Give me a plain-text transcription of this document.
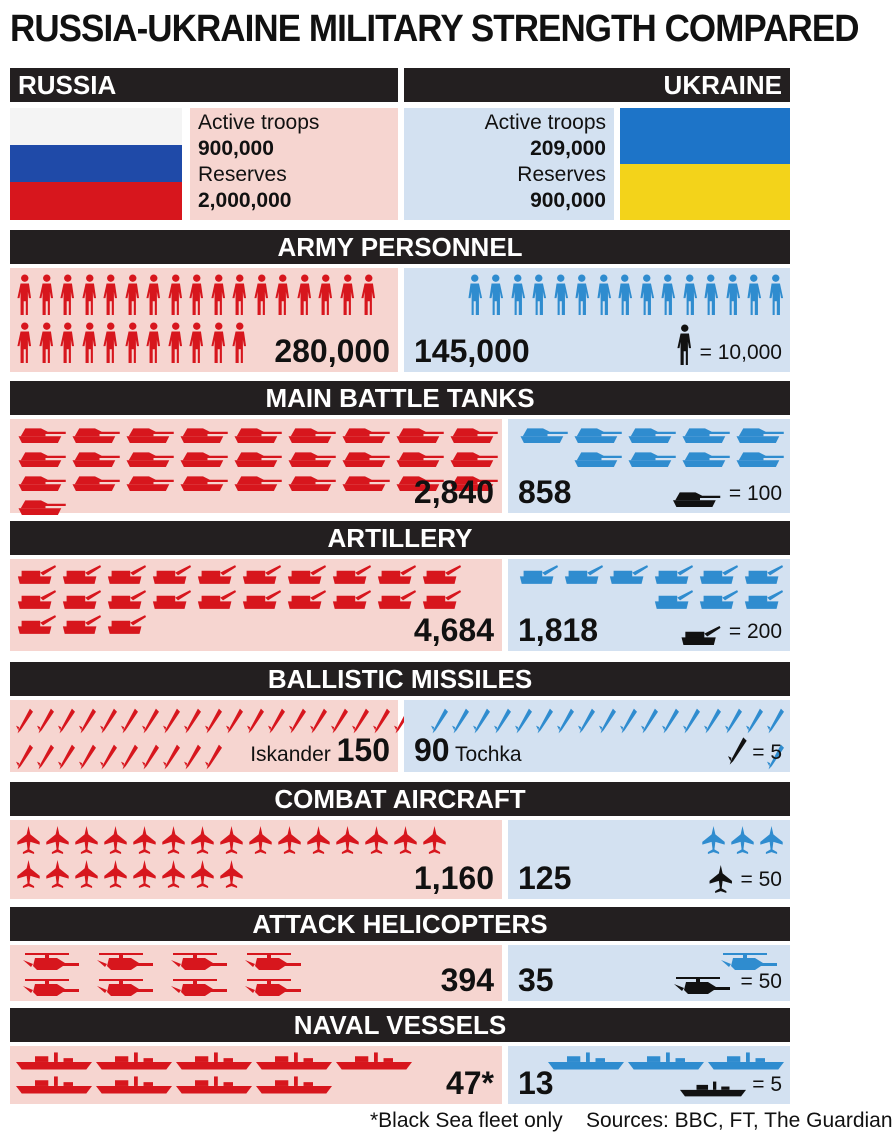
RUSSIA-UKRAINE MILITARY STRENGTH COMPARED
RUSSIA	UKRAINE
Active troops
900,000
Reserves
2,000,000
Active troops
209,000
Reserves
900,000
ARMY PERSONNEL
280,000 145,000	= 10,000
MAIN BATTLE TANKS
2,840 858	= 100
ARTILLERY
4,684 1,818	= 200
BALLISTIC MISSILES
Iskander 150 90 Tochka	= 5
COMBAT AIRCRAFT
1,160 125	= 50
ATTACK HELICOPTERS
394 35	= 50
NAVAL VESSELS
47* 13	= 5
*Black Sea fleet only Sources: BBC, FT, The Guardian
